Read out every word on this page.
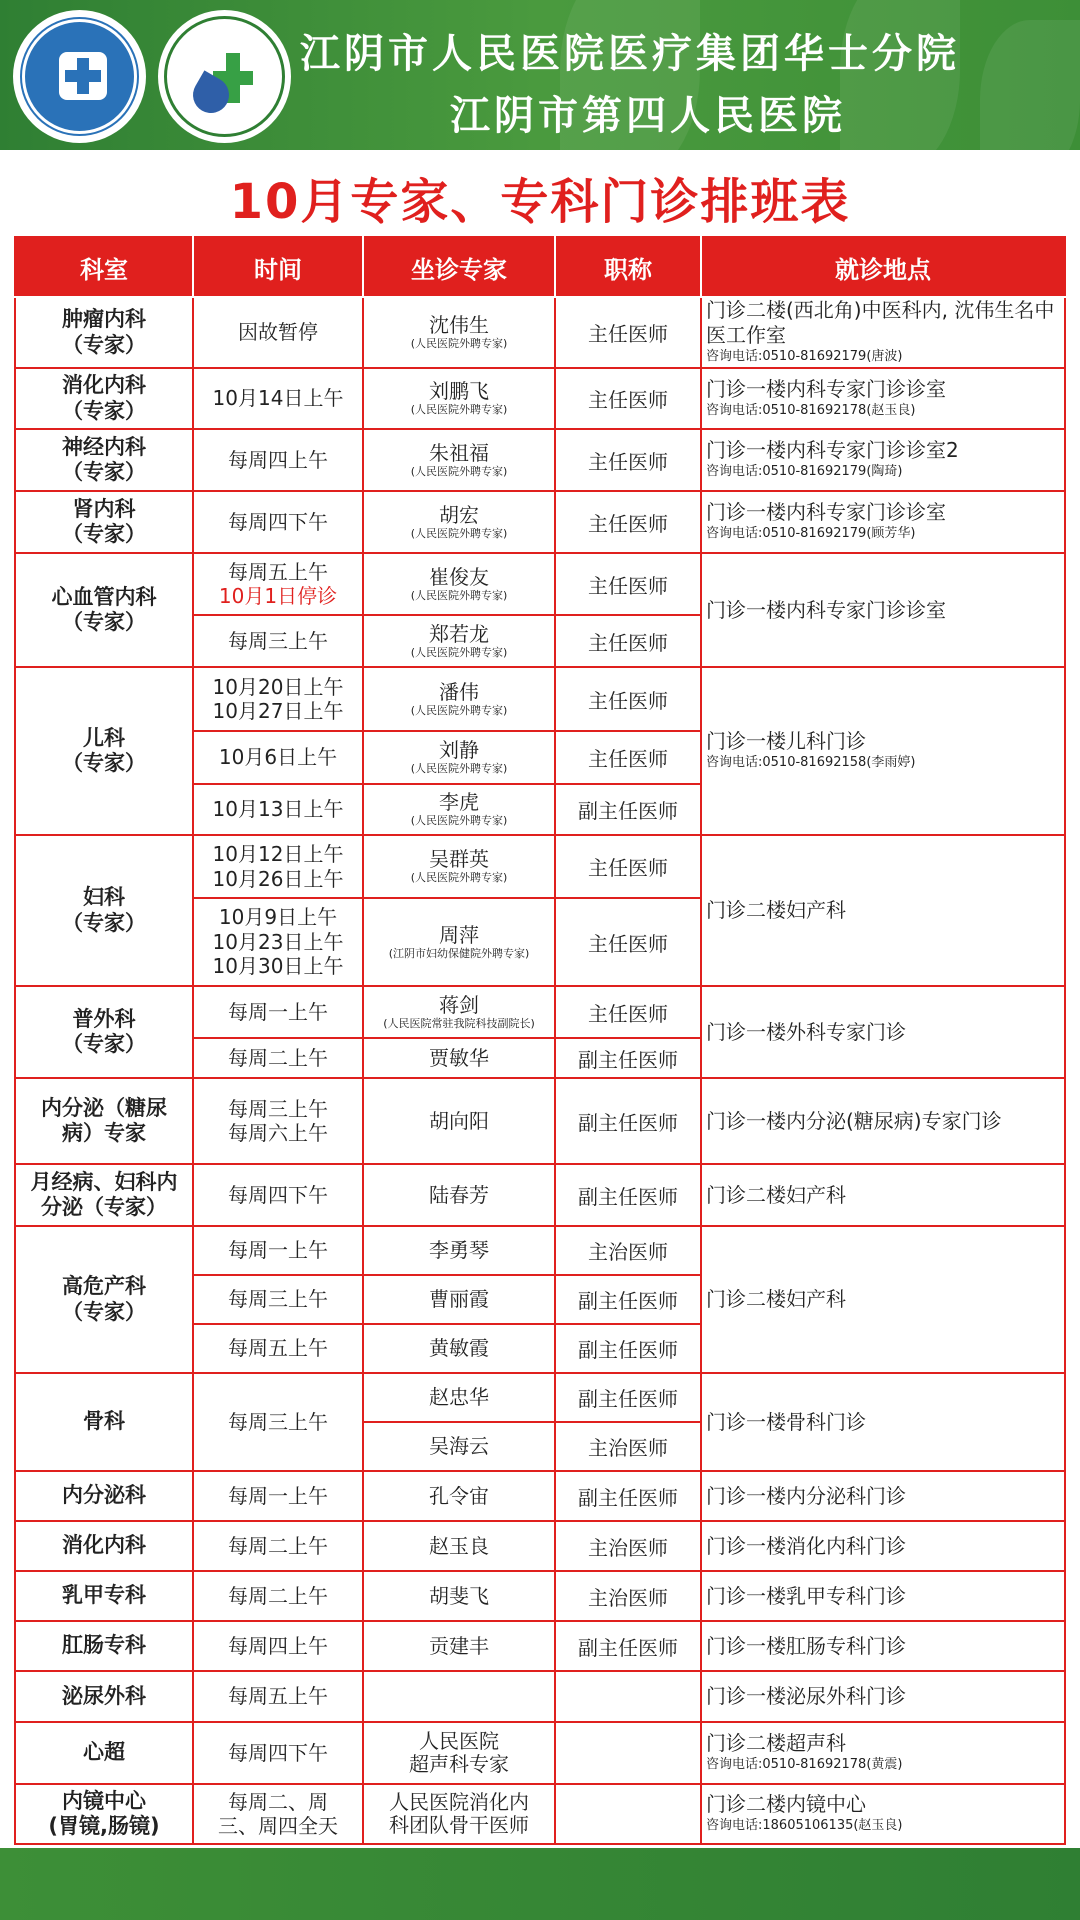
江阴市人民医院医疗集团华士分院
江阴市第四人民医院
10月专家、专科门诊排班表
科室	时间	坐诊专家	职称	就诊地点

肿瘤内科
（专家）	因故暂停	沈伟生
(人民医院外聘专家)	主任医师	门诊二楼(西北角)中医科内, 沈伟生名中医工作室
咨询电话:0510-81692179(唐波)

消化内科
（专家）	10月14日上午	刘鹏飞
(人民医院外聘专家)	主任医师	门诊一楼内科专家门诊诊室
咨询电话:0510-81692178(赵玉良)

神经内科
（专家）	每周四上午	朱祖福
(人民医院外聘专家)	主任医师	门诊一楼内科专家门诊诊室2
咨询电话:0510-81692179(陶琦)

肾内科
（专家）	每周四下午	胡宏
(人民医院外聘专家)	主任医师	门诊一楼内科专家门诊诊室
咨询电话:0510-81692179(顾芳华)

心血管内科
（专家）	每周五上午
10月1日停诊	崔俊友
(人民医院外聘专家)	主任医师	门诊一楼内科专家门诊诊室

	每周三上午	郑若龙
(人民医院外聘专家)	主任医师	

儿科
（专家）	10月20日上午
10月27日上午	潘伟
(人民医院外聘专家)	主任医师	门诊一楼儿科门诊
咨询电话:0510-81692158(李雨婷)

	10月6日上午	刘静
(人民医院外聘专家)	主任医师	

	10月13日上午	李虎
(人民医院外聘专家)	副主任医师	

妇科
（专家）	10月12日上午
10月26日上午	吴群英
(人民医院外聘专家)	主任医师	门诊二楼妇产科

	10月9日上午
10月23日上午
10月30日上午	周萍
(江阴市妇幼保健院外聘专家)	主任医师	

普外科
（专家）	每周一上午	蒋剑
(人民医院常驻我院科技副院长)	主任医师	门诊一楼外科专家门诊

	每周二上午	贾敏华	副主任医师	

内分泌（糖尿
病）专家	每周三上午
每周六上午	胡向阳	副主任医师	门诊一楼内分泌(糖尿病)专家门诊

月经病、妇科内
分泌（专家）	每周四下午	陆春芳	副主任医师	门诊二楼妇产科

高危产科
（专家）	每周一上午	李勇琴	主治医师	门诊二楼妇产科

	每周三上午	曹丽霞	副主任医师	

	每周五上午	黄敏霞	副主任医师	

骨科	每周三上午	赵忠华	副主任医师	门诊一楼骨科门诊

		吴海云	主治医师	

内分泌科	每周一上午	孔令宙	副主任医师	门诊一楼内分泌科门诊

消化内科	每周二上午	赵玉良	主治医师	门诊一楼消化内科门诊

乳甲专科	每周二上午	胡斐飞	主治医师	门诊一楼乳甲专科门诊

肛肠专科	每周四上午	贡建丰	副主任医师	门诊一楼肛肠专科门诊

泌尿外科	每周五上午			门诊一楼泌尿外科门诊

心超	每周四下午	人民医院
超声科专家		门诊二楼超声科
咨询电话:0510-81692178(黄震)

内镜中心
(胃镜,肠镜)	每周二、周
三、周四全天	人民医院消化内
科团队骨干医师		门诊二楼内镜中心
咨询电话:18605106135(赵玉良)
